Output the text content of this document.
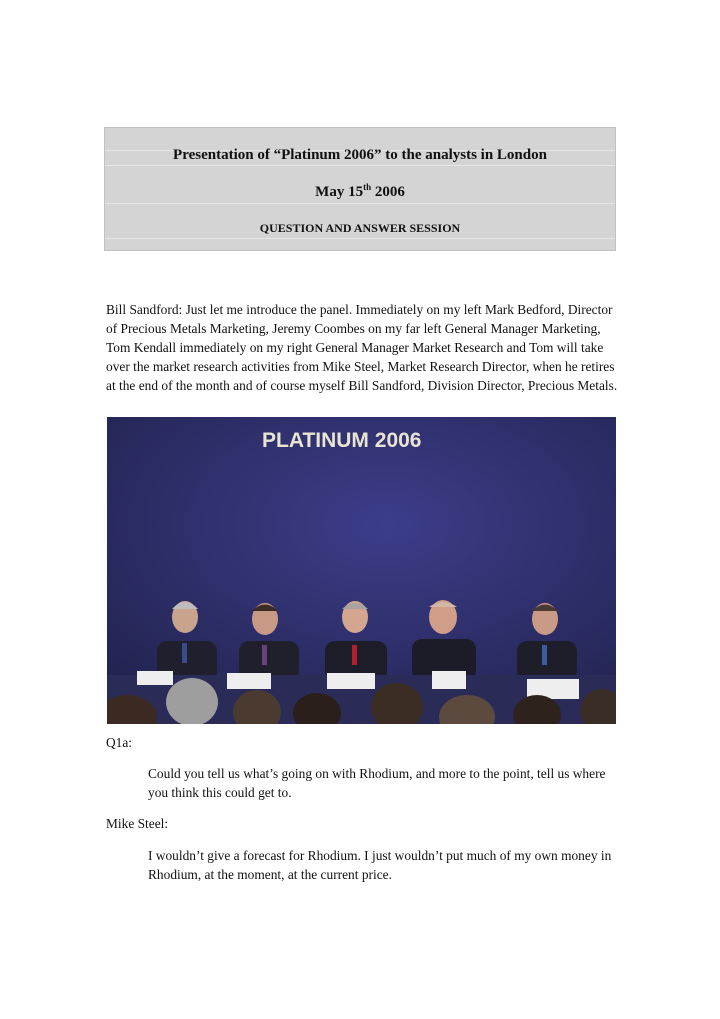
Presentation of “Platinum 2006” to the analysts in London

May 15th 2006

QUESTION AND ANSWER SESSION

Bill Sandford: Just let me introduce the panel. Immediately on my left Mark Bedford, Director of Precious Metals Marketing, Jeremy Coombes on my far left General Manager Marketing, Tom Kendall immediately on my right General Manager Market Research and Tom will take over the market research activities from Mike Steel, Market Research Director, when he retires at the end of the month and of course myself Bill Sandford, Division Director, Precious Metals.

PLATINUM 2006

Q1a:

Could you tell us what’s going on with Rhodium, and more to the point, tell us where you think this could get to.

Mike Steel:

I wouldn’t give a forecast for Rhodium. I just wouldn’t put much of my own money in Rhodium, at the moment, at the current price.
